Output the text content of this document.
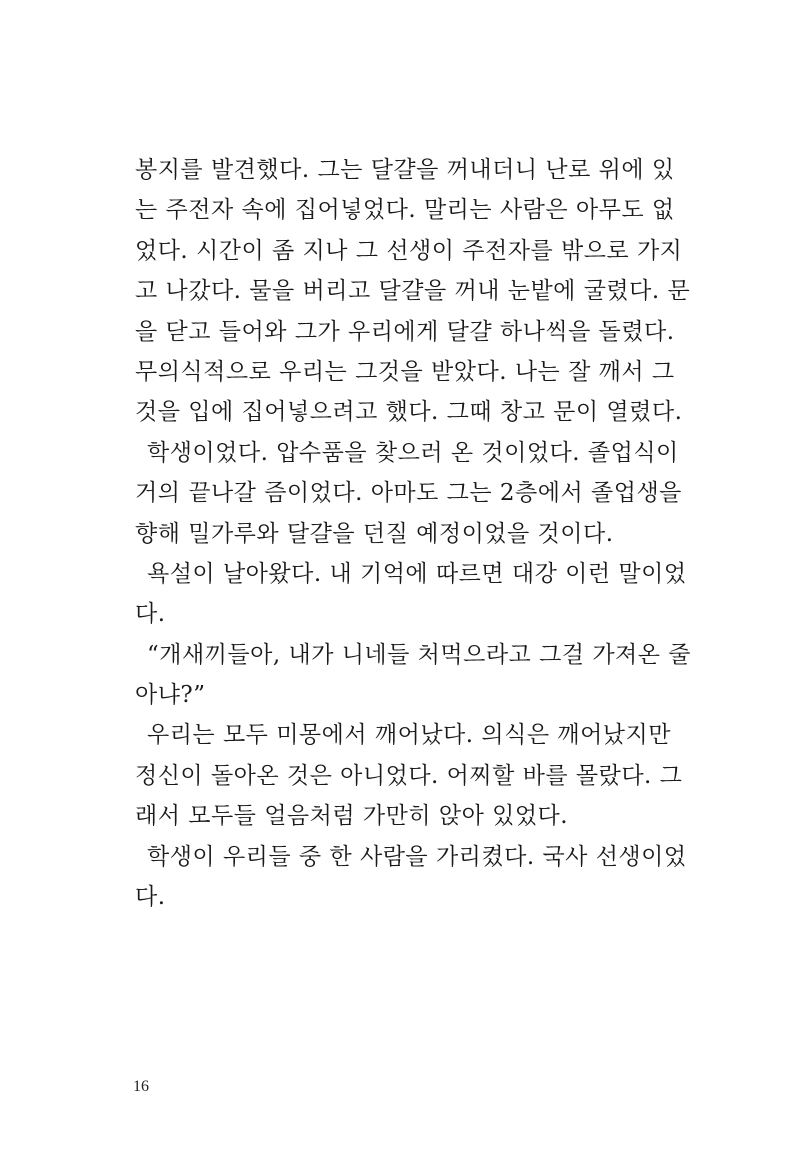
봉지를 발견했다. 그는 달걀을 꺼내더니 난로 위에 있
는 주전자 속에 집어넣었다. 말리는 사람은 아무도 없
었다. 시간이 좀 지나 그 선생이 주전자를 밖으로 가지
고 나갔다. 물을 버리고 달걀을 꺼내 눈밭에 굴렸다. 문
을 닫고 들어와 그가 우리에게 달걀 하나씩을 돌렸다.
무의식적으로 우리는 그것을 받았다. 나는 잘 깨서 그
것을 입에 집어넣으려고 했다. 그때 창고 문이 열렸다.
학생이었다. 압수품을 찾으러 온 것이었다. 졸업식이
거의 끝나갈 즘이었다. 아마도 그는 2층에서 졸업생을
향해 밀가루와 달걀을 던질 예정이었을 것이다.
욕설이 날아왔다. 내 기억에 따르면 대강 이런 말이었
다.
“개새끼들아, 내가 니네들 처먹으라고 그걸 가져온 줄
아냐?”
우리는 모두 미몽에서 깨어났다. 의식은 깨어났지만
정신이 돌아온 것은 아니었다. 어찌할 바를 몰랐다. 그
래서 모두들 얼음처럼 가만히 앉아 있었다.
학생이 우리들 중 한 사람을 가리켰다. 국사 선생이었
다.
16
